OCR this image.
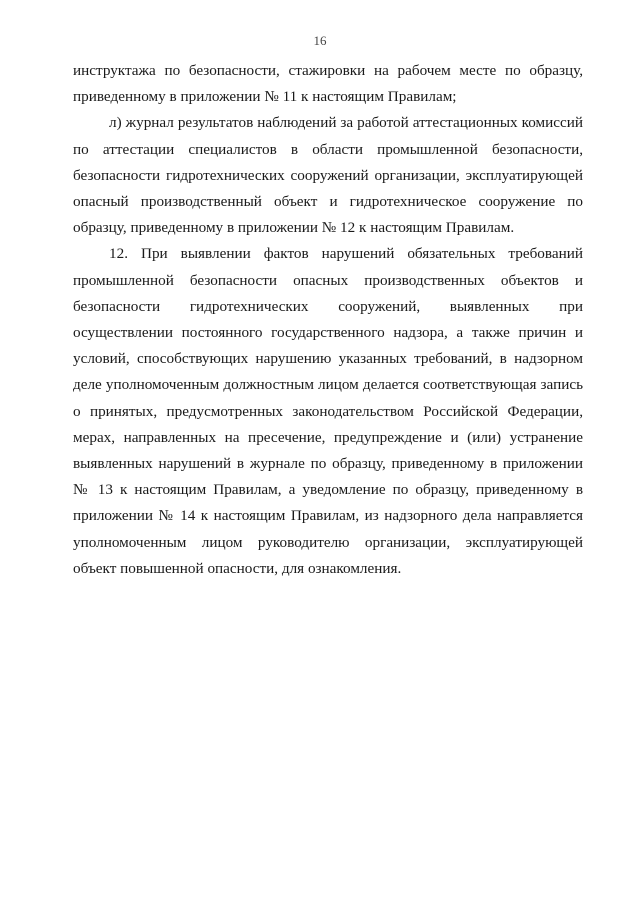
16

инструктажа по безопасности, стажировки на рабочем месте по образцу, приведенному в приложении № 11 к настоящим Правилам;

л) журнал результатов наблюдений за работой аттестационных комиссий по аттестации специалистов в области промышленной безопасности, безопасности гидротехнических сооружений организации, эксплуатирующей опасный производственный объект и гидротехническое сооружение по образцу, приведенному в приложении № 12 к настоящим Правилам.

12. При выявлении фактов нарушений обязательных требований промышленной безопасности опасных производственных объектов и безопасности гидротехнических сооружений, выявленных при осуществлении постоянного государственного надзора, а также причин и условий, способствующих нарушению указанных требований, в надзорном деле уполномоченным должностным лицом делается соответствующая запись о принятых, предусмотренных законодательством Российской Федерации, мерах, направленных на пресечение, предупреждение и (или) устранение выявленных нарушений в журнале по образцу, приведенному в приложении № 13 к настоящим Правилам, а уведомление по образцу, приведенному в приложении № 14 к настоящим Правилам, из надзорного дела направляется уполномоченным лицом руководителю организации, эксплуатирующей объект повышенной опасности, для ознакомления.
